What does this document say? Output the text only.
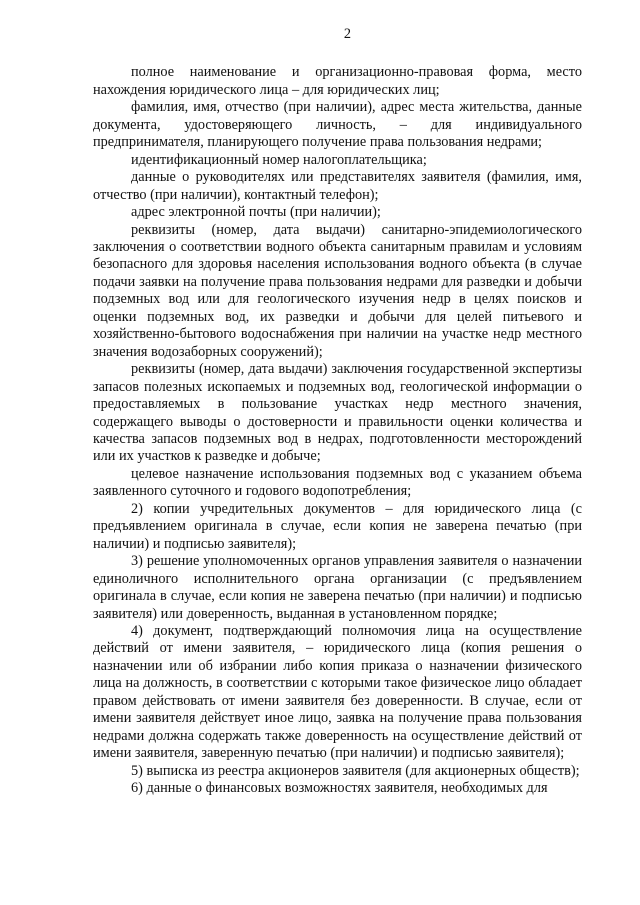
2

полное наименование и организационно-правовая форма, место нахождения юридического лица – для юридических лиц;

фамилия, имя, отчество (при наличии), адрес места жительства, данные документа, удостоверяющего личность, – для индивидуального предпринимателя, планирующего получение права пользования недрами;

идентификационный номер налогоплательщика;

данные о руководителях или представителях заявителя (фамилия, имя, отчество (при наличии), контактный телефон);

адрес электронной почты (при наличии);

реквизиты (номер, дата выдачи) санитарно-эпидемиологического заключения о соответствии водного объекта санитарным правилам и условиям безопасного для здоровья населения использования водного объекта (в случае подачи заявки на получение права пользования недрами для разведки и добычи подземных вод или для геологического изучения недр в целях поисков и оценки подземных вод, их разведки и добычи для целей питьевого и хозяйственно-бытового водоснабжения при наличии на участке недр местного значения водозаборных сооружений);

реквизиты (номер, дата выдачи) заключения государственной экспертизы запасов полезных ископаемых и подземных вод, геологической информации о предоставляемых в пользование участках недр местного значения, содержащего выводы о достоверности и правильности оценки количества и качества запасов подземных вод в недрах, подготовленности месторождений или их участков к разведке и добыче;

целевое назначение использования подземных вод с указанием объема заявленного суточного и годового водопотребления;

2) копии учредительных документов – для юридического лица (с предъявлением оригинала в случае, если копия не заверена печатью (при наличии) и подписью заявителя);

3) решение уполномоченных органов управления заявителя о назначении единоличного исполнительного органа организации (с предъявлением оригинала в случае, если копия не заверена печатью (при наличии) и подписью заявителя) или доверенность, выданная в установленном порядке;

4) документ, подтверждающий полномочия лица на осуществление действий от имени заявителя, – юридического лица (копия решения о назначении или об избрании либо копия приказа о назначении физического лица на должность, в соответствии с которыми такое физическое лицо обладает правом действовать от имени заявителя без доверенности. В случае, если от имени заявителя действует иное лицо, заявка на получение права пользования недрами должна содержать также доверенность на осуществление действий от имени заявителя, заверенную печатью (при наличии) и подписью заявителя);

5) выписка из реестра акционеров заявителя (для акционерных обществ);

6) данные о финансовых возможностях заявителя, необходимых для
